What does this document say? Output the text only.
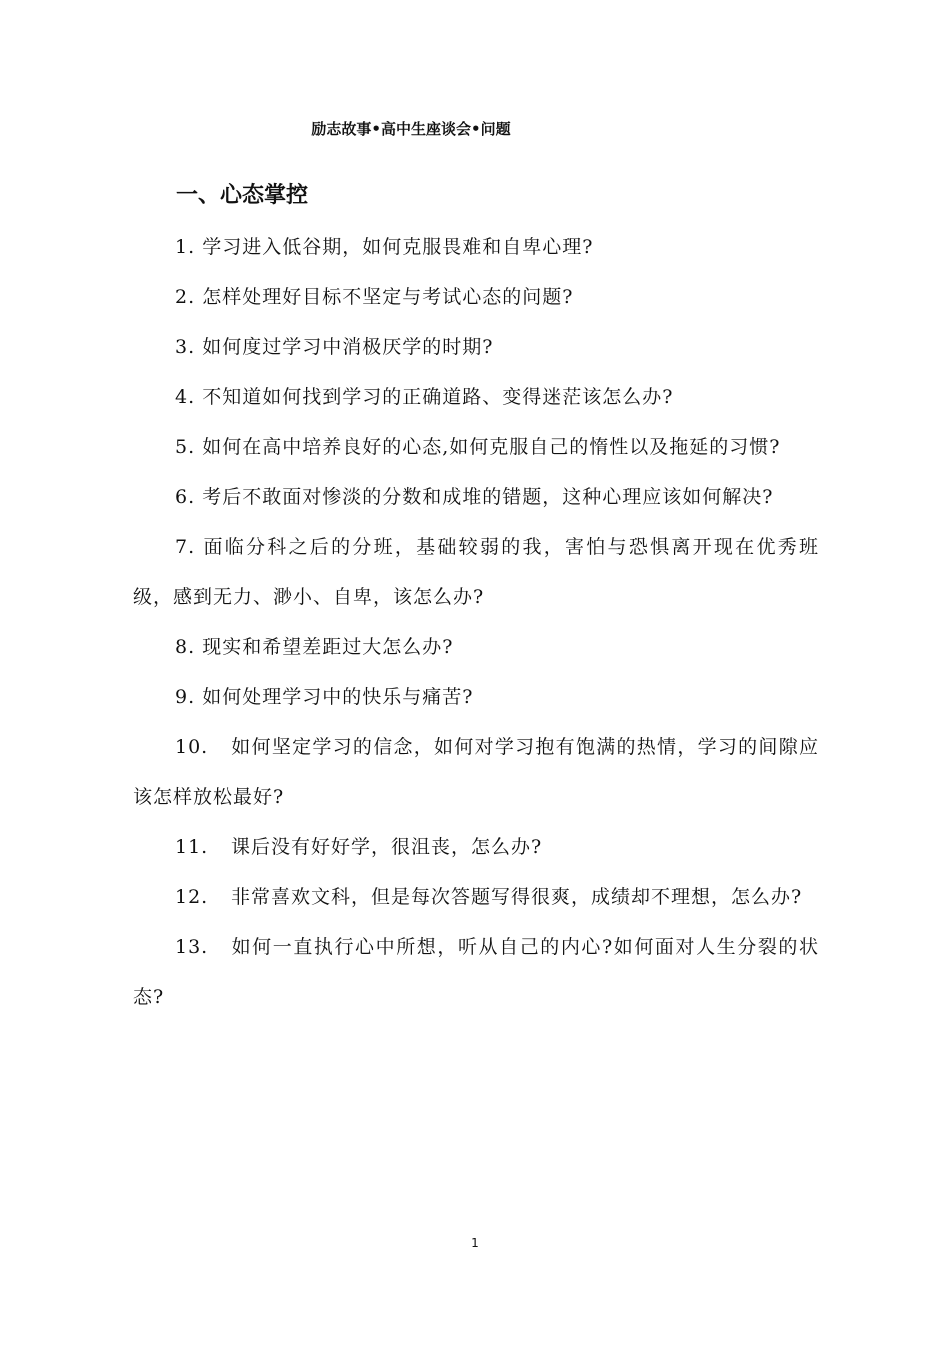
励志故事•高中生座谈会•问题
一、心态掌控
1. 学习进入低谷期，如何克服畏难和自卑心理?
2. 怎样处理好目标不坚定与考试心态的问题?
3. 如何度过学习中消极厌学的时期?
4. 不知道如何找到学习的正确道路、变得迷茫该怎么办?
5. 如何在高中培养良好的心态,如何克服自己的惰性以及拖延的习惯?
6. 考后不敢面对惨淡的分数和成堆的错题，这种心理应该如何解决?
7. 面临分科之后的分班，基础较弱的我，害怕与恐惧离开现在优秀班级，感到无力、渺小、自卑，该怎么办?
8. 现实和希望差距过大怎么办?
9. 如何处理学习中的快乐与痛苦?
10. 如何坚定学习的信念，如何对学习抱有饱满的热情，学习的间隙应该怎样放松最好?
11. 课后没有好好学，很沮丧，怎么办?
12. 非常喜欢文科，但是每次答题写得很爽，成绩却不理想，怎么办?
13. 如何一直执行心中所想，听从自己的内心?如何面对人生分裂的状态?
1
